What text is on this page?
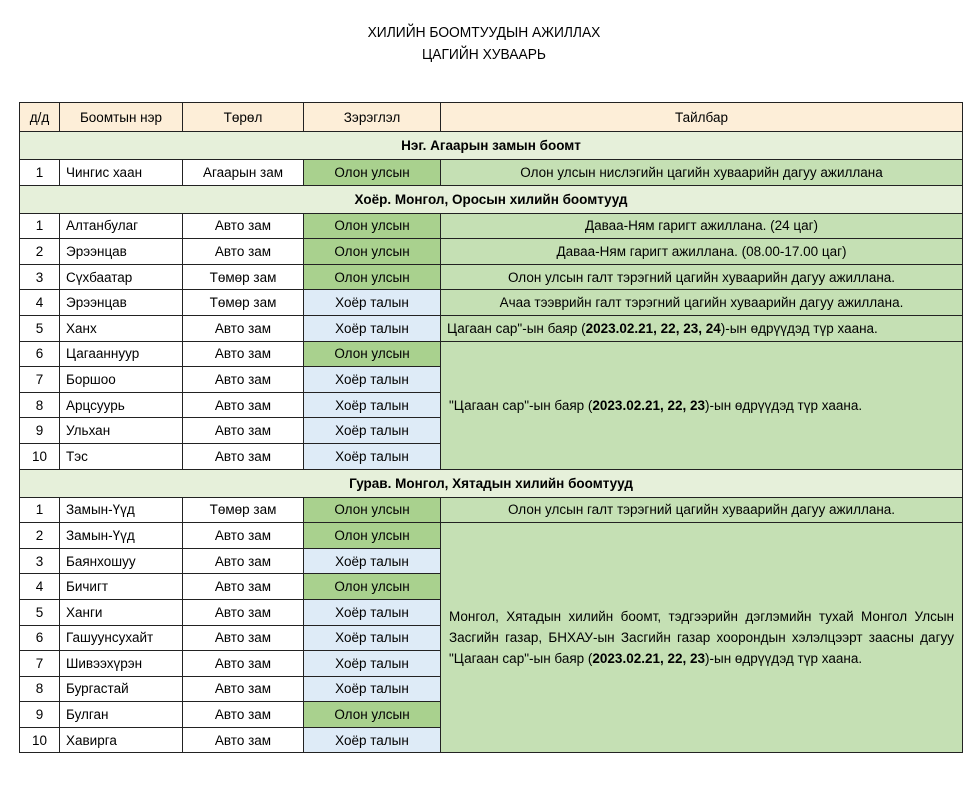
ХИЛИЙН БООМТУУДЫН АЖИЛЛАХ
ЦАГИЙН ХУВААРЬ
д/д	Боомтын нэр	Төрөл	Зэрэглэл	Тайлбар
Нэг. Агаарын замын боомт				
1	Чингис хаан	Агаарын зам	Олон улсын	Олон улсын нислэгийн цагийн хуваарийн дагуу ажиллана
Хоёр. Монгол, Оросын хилийн боомтууд				
1	Алтанбулаг	Авто зам	Олон улсын	Даваа-Ням гаригт ажиллана. (24 цаг)
2	Эрээнцав	Авто зам	Олон улсын	Даваа-Ням гаригт ажиллана. (08.00-17.00 цаг)
3	Сүхбаатар	Төмөр зам	Олон улсын	Олон улсын галт тэрэгний цагийн хуваарийн дагуу ажиллана.
4	Эрээнцав	Төмөр зам	Хоёр талын	Ачаа тээврийн галт тэрэгний цагийн хуваарийн дагуу ажиллана.
5	Ханх	Авто зам	Хоёр талын	Цагаан сар"-ын баяр (2023.02.21, 22, 23, 24)-ын өдрүүдэд түр хаана.
6	Цагааннуур	Авто зам	Олон улсын	"Цагаан сар"-ын баяр (2023.02.21, 22, 23)-ын өдрүүдэд түр хаана.
7	Боршоо	Авто зам	Хоёр талын	
8	Арцсуурь	Авто зам	Хоёр талын	
9	Ульхан	Авто зам	Хоёр талын	
10	Тэс	Авто зам	Хоёр талын	
Гурав. Монгол, Хятадын хилийн боомтууд				
1	Замын-Үүд	Төмөр зам	Олон улсын	Олон улсын галт тэрэгний цагийн хуваарийн дагуу ажиллана.
2	Замын-Үүд	Авто зам	Олон улсын	Монгол, Хятадын хилийн боомт, тэдгээрийн дэглэмийн тухай Монгол Улсын Засгийн газар, БНХАУ-ын Засгийн газар хоорондын хэлэлцээрт заасны дагуу "Цагаан сар"-ын баяр (2023.02.21, 22, 23)-ын өдрүүдэд түр хаана.
3	Баянхошуу	Авто зам	Хоёр талын	
4	Бичигт	Авто зам	Олон улсын	
5	Ханги	Авто зам	Хоёр талын	
6	Гашуунсухайт	Авто зам	Хоёр талын	
7	Шивээхүрэн	Авто зам	Хоёр талын	
8	Бургастай	Авто зам	Хоёр талын	
9	Булган	Авто зам	Олон улсын	
10	Хавирга	Авто зам	Хоёр талын	
